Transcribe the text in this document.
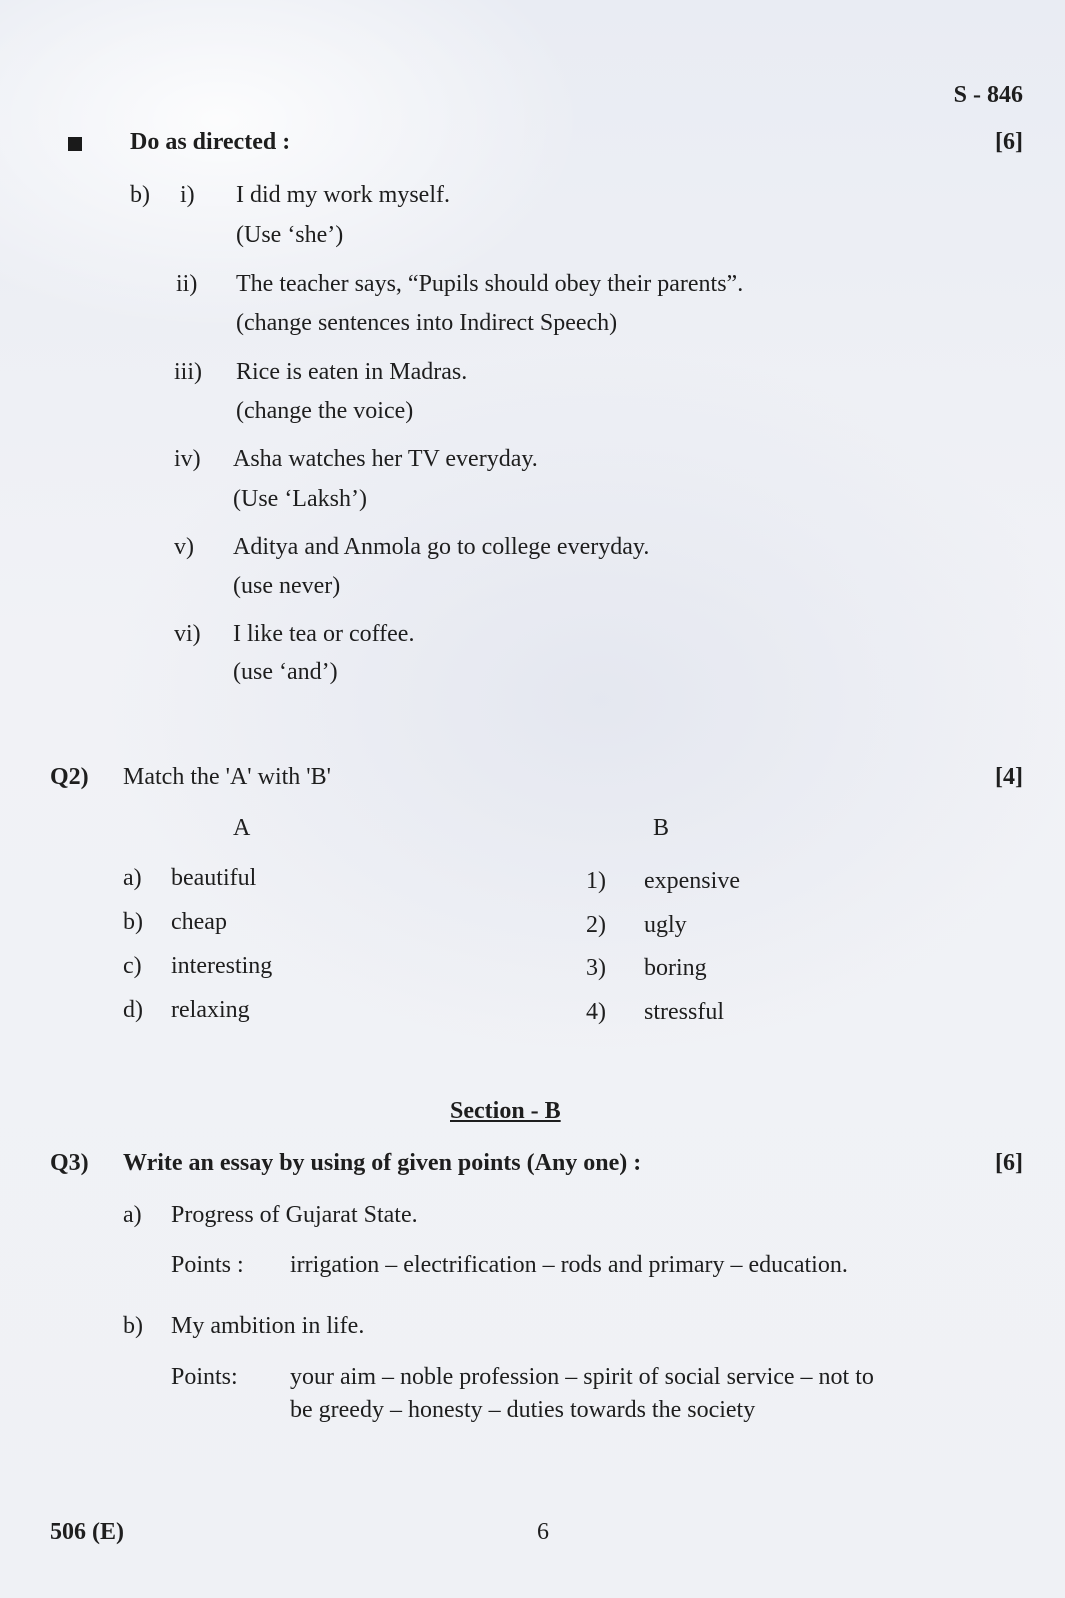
S - 846
Do as directed :	[6]
b) i) I did my work myself.
(Use ‘she’)
ii) The teacher says, “Pupils should obey their parents”.
(change sentences into Indirect Speech)
iii) Rice is eaten in Madras.
(change the voice)
iv) Asha watches her TV everyday.
(Use ‘Laksh’)
v) Aditya and Anmola go to college everyday.
(use never)
vi) I like tea or coffee.
(use ‘and’)
Q2) Match the 'A' with 'B'	[4]
A	B
a) beautiful	1) expensive
b) cheap	2) ugly
c) interesting	3) boring
d) relaxing	4) stressful
Section - B
Q3) Write an essay by using of given points (Any one) :	[6]
a) Progress of Gujarat State.
Points : irrigation – electrification – rods and primary – education.
b) My ambition in life.
Points: your aim – noble profession – spirit of social service – not to
be greedy – honesty – duties towards the society
506 (E)	6
